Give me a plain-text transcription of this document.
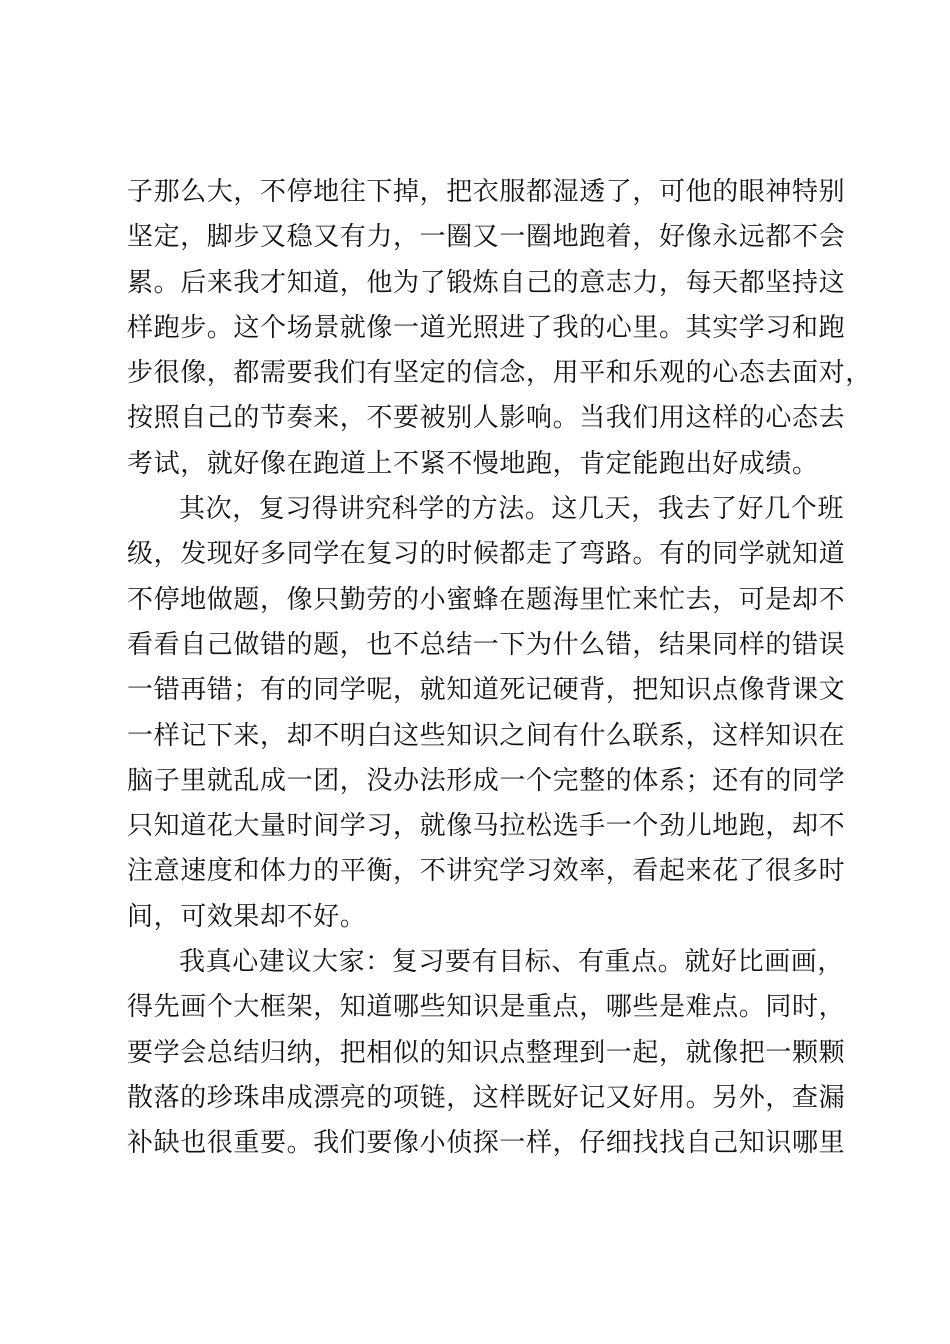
子那么大，不停地往下掉，把衣服都湿透了，可他的眼神特别
坚定，脚步又稳又有力，一圈又一圈地跑着，好像永远都不会
累。后来我才知道，他为了锻炼自己的意志力，每天都坚持这
样跑步。这个场景就像一道光照进了我的心里。其实学习和跑
步很像，都需要我们有坚定的信念，用平和乐观的心态去面对，
按照自己的节奏来，不要被别人影响。当我们用这样的心态去
考试，就好像在跑道上不紧不慢地跑，肯定能跑出好成绩。
其次，复习得讲究科学的方法。这几天，我去了好几个班
级，发现好多同学在复习的时候都走了弯路。有的同学就知道
不停地做题，像只勤劳的小蜜蜂在题海里忙来忙去，可是却不
看看自己做错的题，也不总结一下为什么错，结果同样的错误
一错再错；有的同学呢，就知道死记硬背，把知识点像背课文
一样记下来，却不明白这些知识之间有什么联系，这样知识在
脑子里就乱成一团，没办法形成一个完整的体系；还有的同学
只知道花大量时间学习，就像马拉松选手一个劲儿地跑，却不
注意速度和体力的平衡，不讲究学习效率，看起来花了很多时
间，可效果却不好。
我真心建议大家：复习要有目标、有重点。就好比画画，
得先画个大框架，知道哪些知识是重点，哪些是难点。同时，
要学会总结归纳，把相似的知识点整理到一起，就像把一颗颗
散落的珍珠串成漂亮的项链，这样既好记又好用。另外，查漏
补缺也很重要。我们要像小侦探一样，仔细找找自己知识哪里
